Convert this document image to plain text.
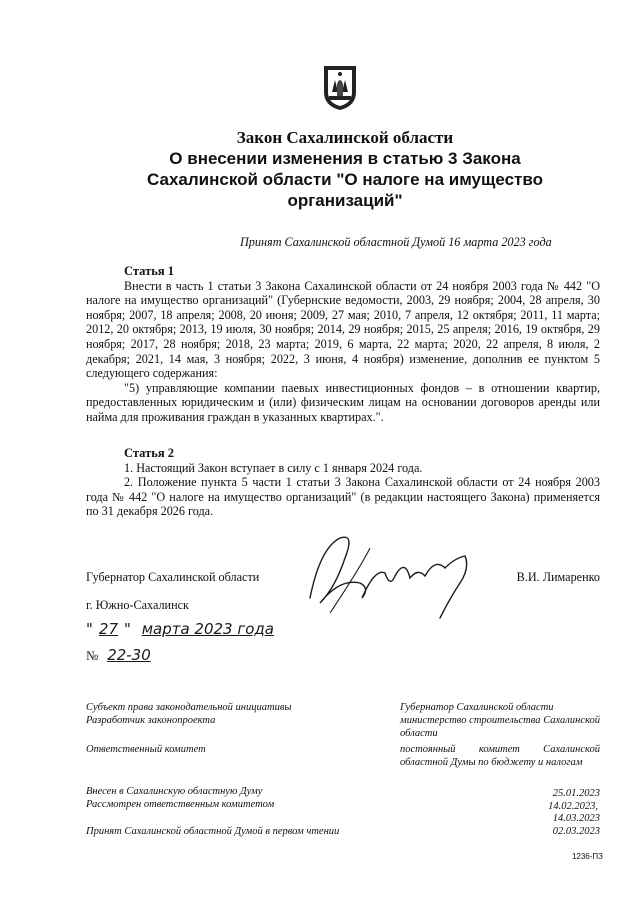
Закон Сахалинской области
О внесении изменения в статью 3 Закона
Сахалинской области "О налоге на имущество
организаций"
Принят Сахалинской областной Думой 16 марта 2023 года
Статья 1

Внести в часть 1 статьи 3 Закона Сахалинской области от 24 ноября 2003 года № 442 "О налоге на имущество организаций" (Губернские ведомости, 2003, 29 ноября; 2004, 28 апреля, 30 ноября; 2007, 18 апреля; 2008, 20 июня; 2009, 27 мая; 2010, 7 апреля, 12 октября; 2011, 11 марта; 2012, 20 октября; 2013, 19 июля, 30 ноября; 2014, 29 ноября; 2015, 25 апреля; 2016, 19 октября, 29 ноября; 2017, 28 ноября; 2018, 23 марта; 2019, 6 марта, 22 марта; 2020, 22 апреля, 8 июля, 2 декабря; 2021, 14 мая, 3 ноября; 2022, 3 июня, 4 ноября) изменение, дополнив ее пунктом 5 следующего содержания:

"5) управляющие компании паевых инвестиционных фондов – в отношении квартир, предоставленных юридическим и (или) физическим лицам на основании договоров аренды или найма для проживания граждан в указанных квартирах.".

Статья 2

1. Настоящий Закон вступает в силу с 1 января 2024 года.

2. Положение пункта 5 части 1 статьи 3 Закона Сахалинской области от 24 ноября 2003 года № 442 "О налоге на имущество организаций" (в редакции настоящего Закона) применяется по 31 декабря 2026 года.

Губернатор Сахалинской области	В.И. Лимаренко
г. Южно-Сахалинск
" 27 " марта 2023 года
№ 22-30
Субъект права законодательной инициативы	Губернатор Сахалинской области
Разработчик законопроекта	министерство строительства Сахалинской области
Ответственный комитет	постоянный комитет Сахалинской областной Думы по бюджету и налогам
Внесен в Сахалинскую областную Думу	25.01.2023
Рассмотрен ответственным комитетом	14.02.2023,
14.03.2023
Принят Сахалинской областной Думой в первом чтении	02.03.2023
1236-ПЗ
